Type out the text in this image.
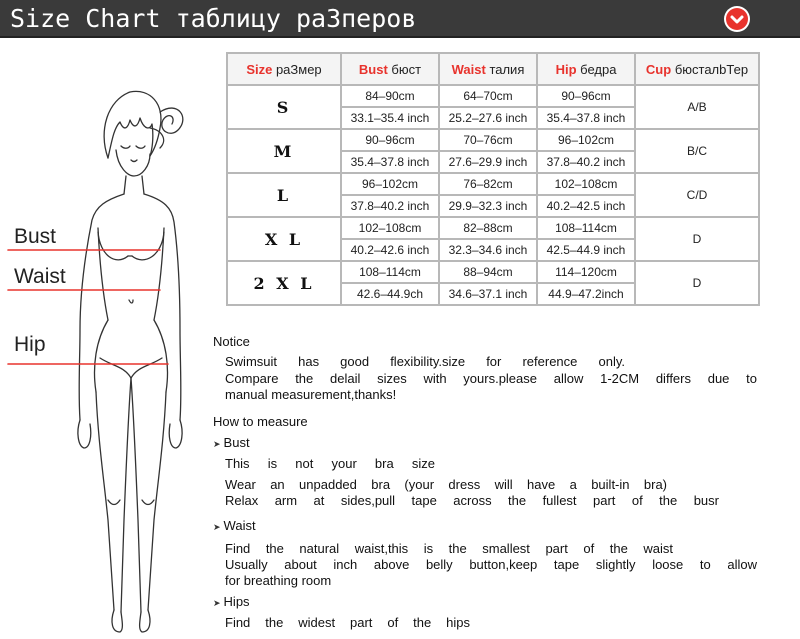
Size Chart таблицу раЗперов
Bust
Waist
Hip
Size раЗмер	Bust бюст	Waist талия	Hip бедра	Cup бюсталbТер
S	84–90cm	64–70cm	90–96cm	A/B
	33.1–35.4 inch	25.2–27.6 inch	35.4–37.8 inch	
M	90–96cm	70–76cm	96–102cm	B/C
	35.4–37.8 inch	27.6–29.9 inch	37.8–40.2 inch	
L	96–102cm	76–82cm	102–108cm	C/D
	37.8–40.2 inch	29.9–32.3 inch	40.2–42.5 inch	
X L	102–108cm	82–88cm	108–114cm	D
	40.2–42.6 inch	32.3–34.6 inch	42.5–44.9 inch	
2 X L	108–114cm	88–94cm	114–120cm	D
	42.6–44.9ch	34.6–37.1 inch	44.9–47.2inch	
Notice
Swimsuit has good flexibility.size for reference only.
Compare the delail sizes with yours.please allow 1-2CM differs due to
manual measurement,thanks!
How to measure
➤ Bust
This is not your bra size
Wear an unpadded bra (your dress will have a built-in bra)
Relax arm at sides,pull tape across the fullest part of the busr
➤ Waist
Find the natural waist,this is the smallest part of the waist
Usually about inch above belly button,keep tape slightly loose to allow
for breathing room
➤ Hips
Find the widest part of the hips
